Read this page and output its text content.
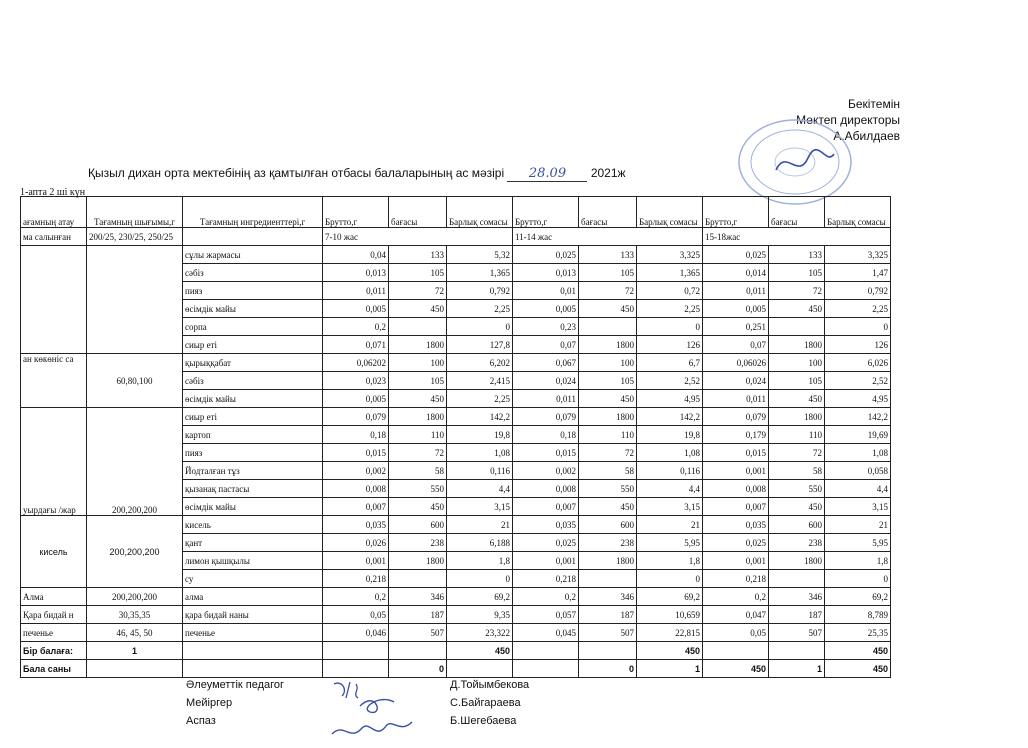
Бекітемін
Мектеп директоры
А.Абилдаев
Қызыл дихан орта мектебінің аз қамтылған отбасы балаларының ас мәзірі 28.09 2021ж
1-апта 2 ші күн
ағамның атау	Тағамның шығымы,г	Тағамның ингредиенттері,г	Брутто,г	бағасы	Барлық сомасы	Брутто,г	бағасы	Барлық сомасы	Брутто,г	бағасы	Барлық сомасы
ма салынған	200/25, 230/25, 250/25		7-10 жас			11-14 жас			15-18жас		
		сұлы жармасы	0,04	133	5,32	0,025	133	3,325	0,025	133	3,325
		сәбіз	0,013	105	1,365	0,013	105	1,365	0,014	105	1,47
		пияз	0,011	72	0,792	0,01	72	0,72	0,011	72	0,792
		өсімдік майы	0,005	450	2,25	0,005	450	2,25	0,005	450	2,25
		сорпа	0,2		0	0,23		0	0,251		0
		сиыр еті	0,071	1800	127,8	0,07	1800	126	0,07	1800	126
ан көкөніс са	60,80,100	қырыққабат	0,06202	100	6,202	0,067	100	6,7	0,06026	100	6,026
		сәбіз	0,023	105	2,415	0,024	105	2,52	0,024	105	2,52
		өсімдік майы	0,005	450	2,25	0,011	450	4,95	0,011	450	4,95
уырдағы /жар	200,200,200	сиыр еті	0,079	1800	142,2	0,079	1800	142,2	0,079	1800	142,2
		картоп	0,18	110	19,8	0,18	110	19,8	0,179	110	19,69
		пияз	0,015	72	1,08	0,015	72	1,08	0,015	72	1,08
		Йодталған тұз	0,002	58	0,116	0,002	58	0,116	0,001	58	0,058
		қызанақ пастасы	0,008	550	4,4	0,008	550	4,4	0,008	550	4,4
		өсімдік майы	0,007	450	3,15	0,007	450	3,15	0,007	450	3,15
кисель	200,200,200	кисель	0,035	600	21	0,035	600	21	0,035	600	21
		қант	0,026	238	6,188	0,025	238	5,95	0,025	238	5,95
		лимон қышқылы	0,001	1800	1,8	0,001	1800	1,8	0,001	1800	1,8
		су	0,218		0	0,218		0	0,218		0
Алма	200,200,200	алма	0,2	346	69,2	0,2	346	69,2	0,2	346	69,2
Қара бидай н	30,35,35	қара бидай наны	0,05	187	9,35	0,057	187	10,659	0,047	187	8,789
печенье	46, 45, 50	печенье	0,046	507	23,322	0,045	507	22,815	0,05	507	25,35
Бір балаға:	1				450			450			450
Бала саны				0			0	1	450	1	450
Әлеуметтік педагог	Д.Тойымбекова
Мейіргер	С.Байгараева
Аспаз	Б.Шегебаева
